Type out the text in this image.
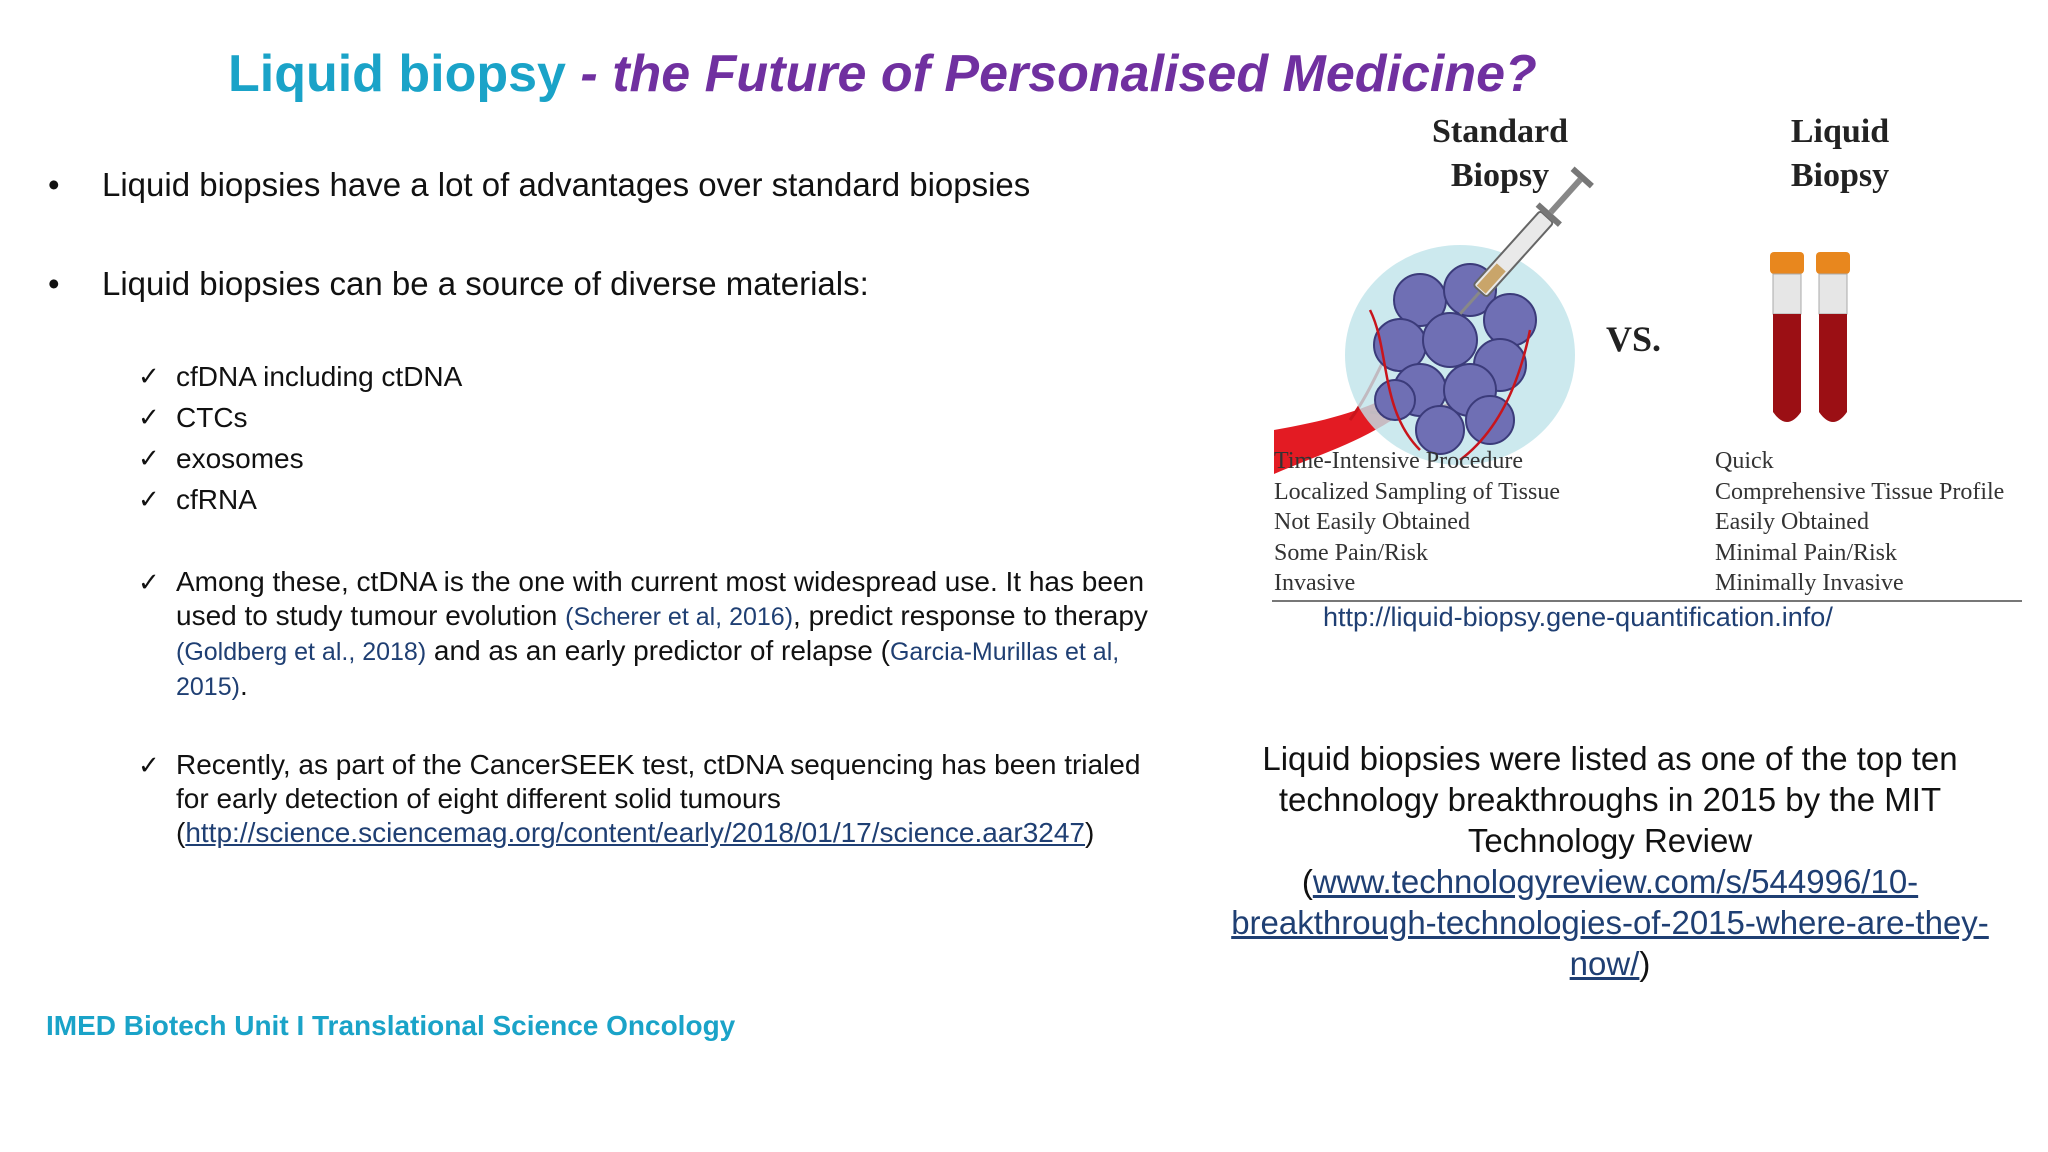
Liquid biopsy - the Future of Personalised Medicine?
• Liquid biopsies have a lot of advantages over standard biopsies
• Liquid biopsies can be a source of diverse materials:
✓ cfDNA including ctDNA
✓ CTCs
✓ exosomes
✓ cfRNA
✓ Among these, ctDNA is the one with current most widespread use. It has been used to study tumour evolution (Scherer et al, 2016), predict response to therapy (Goldberg et al., 2018) and as an early predictor of relapse (Garcia-Murillas et al, 2015).
✓ Recently, as part of the CancerSEEK test, ctDNA sequencing has been trialed for early detection of eight different solid tumours (http://science.sciencemag.org/content/early/2018/01/17/science.aar3247)
IMED Biotech Unit I Translational Science Oncology
Standard
Biopsy
Liquid
Biopsy
VS.
Time-Intensive Procedure
Localized Sampling of Tissue
Not Easily Obtained
Some Pain/Risk
Invasive
Quick
Comprehensive Tissue Profile
Easily Obtained
Minimal Pain/Risk
Minimally Invasive
http://liquid-biopsy.gene-quantification.info/
Liquid biopsies were listed as one of the top ten technology breakthroughs in 2015 by the MIT Technology Review (www.technologyreview.com/s/544996/10-breakthrough-technologies-of-2015-where-are-they-now/)
